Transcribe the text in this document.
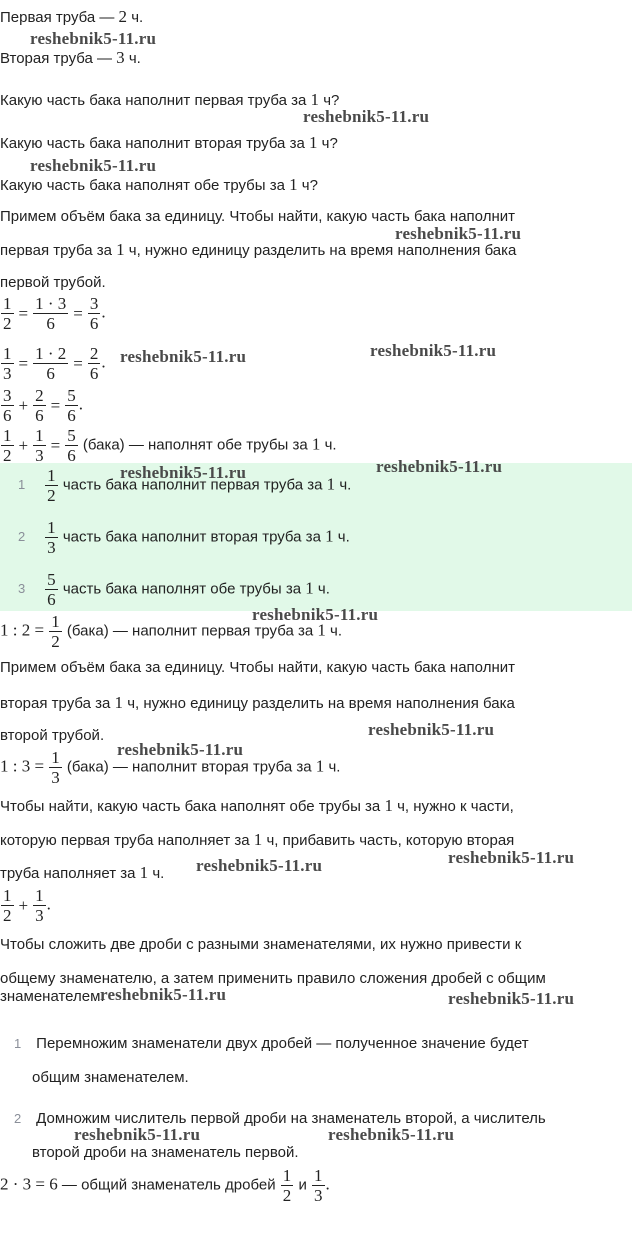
Первая труба — 2 ч.
Вторая труба — 3 ч.
Какую часть бака наполнит первая труба за 1 ч?
Какую часть бака наполнит вторая труба за 1 ч?
Какую часть бака наполнят обе трубы за 1 ч?
Примем объём бака за единицу. Чтобы найти, какую часть бака наполнит
первая труба за 1 ч, нужно единицу разделить на время наполнения бака
первой трубой.
$\frac{1}{2} = \frac{1 \cdot 3}{6} = \frac{3}{6}$ .
$\frac{1}{3} = \frac{1 \cdot 2}{6} = \frac{2}{6}$ .
$\frac{3}{6} + \frac{2}{6} = \frac{5}{6}$ .
$\frac{1}{2} + \frac{1}{3} = \frac{5}{6}$ (бака) — наполнят обе трубы за 1 ч.
$1 \frac{1}{2}$ часть бака наполнит первая труба за 1 ч.
$2 \frac{1}{3}$ часть бака наполнит вторая труба за 1 ч.
$3 \frac{5}{6}$ часть бака наполнят обе трубы за 1 ч.
1 : $2 = \frac{1}{2}$ (бака) — наполнит первая труба за 1 ч.
Примем объём бака за единицу. Чтобы найти, какую часть бака наполнит
вторая труба за 1 ч, нужно единицу разделить на время наполнения бака
второй трубой.
1 : $3 = \frac{1}{3}$ (бака) — наполнит вторая труба за 1 ч.
Чтобы найти, какую часть бака наполнят обе трубы за 1 ч, нужно к части,
которую первая труба наполняет за 1 ч, прибавить часть, которую вторая
труба наполняет за 1 ч.
$\frac{1}{2} + \frac{1}{3}$ .
Чтобы сложить две дроби с разными знаменателями, их нужно привести к
общему знаменателю, а затем применить правило сложения дробей с общим
знаменателем.
1 Перемножим знаменатели двух дробей — полученное значение будет
общим знаменателем.
2 Домножим числитель первой дроби на знаменатель второй, а числитель
второй дроби на знаменатель первой.
2 · 3 = 6 — общий знаменатель дробей $\frac{1}{2}$ и $\frac{1}{3}$ .
reshebnik5-11.ru
reshebnik5-11.ru
reshebnik5-11.ru
reshebnik5-11.ru
reshebnik5-11.ru	reshebnik5-11.ru
reshebnik5-11.ru	reshebnik5-11.ru
reshebnik5-11.ru
reshebnik5-11.ru
reshebnik5-11.ru
reshebnik5-11.ru
reshebnik5-11.ru
reshebnik5-11.ru	reshebnik5-11.ru
reshebnik5-11.ru	reshebnik5-11.ru
